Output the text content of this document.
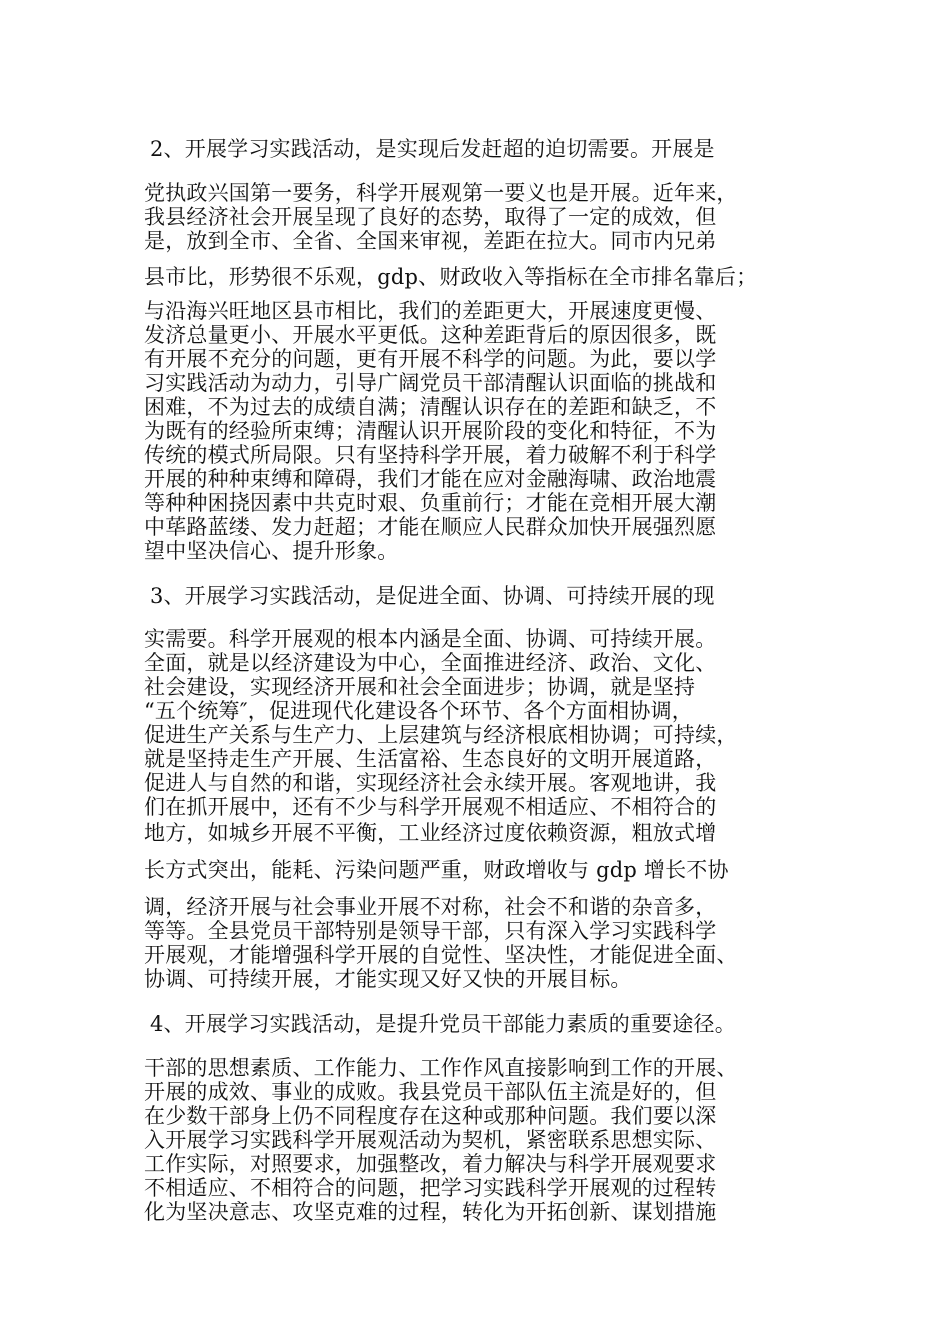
2、开展学习实践活动，是实现后发赶超的迫切需要。开展是
党执政兴国第一要务，科学开展观第一要义也是开展。近年来，
我县经济社会开展呈现了良好的态势，取得了一定的成效，但
是，放到全市、全省、全国来审视，差距在拉大。同市内兄弟
县市比，形势很不乐观，gdp、财政收入等指标在全市排名靠后；
与沿海兴旺地区县市相比，我们的差距更大，开展速度更慢、
发济总量更小、开展水平更低。这种差距背后的原因很多，既
有开展不充分的问题，更有开展不科学的问题。为此，要以学
习实践活动为动力，引导广阔党员干部清醒认识面临的挑战和
困难，不为过去的成绩自满；清醒认识存在的差距和缺乏，不
为既有的经验所束缚；清醒认识开展阶段的变化和特征，不为
传统的模式所局限。只有坚持科学开展，着力破解不利于科学
开展的种种束缚和障碍，我们才能在应对金融海啸、政治地震
等种种困挠因素中共克时艰、负重前行；才能在竞相开展大潮
中荜路蓝缕、发力赶超；才能在顺应人民群众加快开展强烈愿
望中坚决信心、提升形象。
3、开展学习实践活动，是促进全面、协调、可持续开展的现
实需要。科学开展观的根本内涵是全面、协调、可持续开展。
全面，就是以经济建设为中心，全面推进经济、政治、文化、
社会建设，实现经济开展和社会全面进步；协调，就是坚持
“五个统筹″，促进现代化建设各个环节、各个方面相协调，
促进生产关系与生产力、上层建筑与经济根底相协调；可持续，
就是坚持走生产开展、生活富裕、生态良好的文明开展道路，
促进人与自然的和谐，实现经济社会永续开展。客观地讲，我
们在抓开展中，还有不少与科学开展观不相适应、不相符合的
地方，如城乡开展不平衡，工业经济过度依赖资源，粗放式增
长方式突出，能耗、污染问题严重，财政增收与 gdp 增长不协
调，经济开展与社会事业开展不对称，社会不和谐的杂音多，
等等。全县党员干部特别是领导干部，只有深入学习实践科学
开展观，才能增强科学开展的自觉性、坚决性，才能促进全面、
协调、可持续开展，才能实现又好又快的开展目标。
4、开展学习实践活动，是提升党员干部能力素质的重要途径。
干部的思想素质、工作能力、工作作风直接影响到工作的开展、
开展的成效、事业的成败。我县党员干部队伍主流是好的，但
在少数干部身上仍不同程度存在这种或那种问题。我们要以深
入开展学习实践科学开展观活动为契机，紧密联系思想实际、
工作实际，对照要求，加强整改，着力解决与科学开展观要求
不相适应、不相符合的问题，把学习实践科学开展观的过程转
化为坚决意志、攻坚克难的过程，转化为开拓创新、谋划措施
